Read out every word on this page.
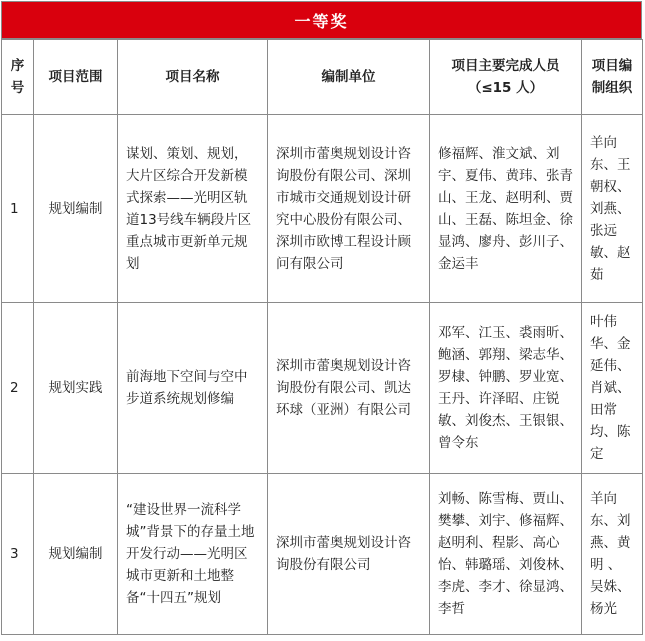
一等奖
序号	项目范围	项目名称	编制单位	项目主要完成人员（≤15 人）	项目编制组织
1	规划编制	谋划、策划、规划，大片区综合开发新模式探索——光明区轨道13号线车辆段片区重点城市更新单元规划	深圳市蕾奥规划设计咨询股份有限公司、深圳市城市交通规划设计研究中心股份有限公司、深圳市欧博工程设计顾问有限公司	修福辉、淮文斌、刘宇、夏伟、黄玮、张青山、王龙、赵明利、贾山、王磊、陈坦金、徐显鸿、廖舟、彭川子、金运丰	羊向东、王朝权、刘燕、张远敏、赵茹
2	规划实践	前海地下空间与空中步道系统规划修编	深圳市蕾奥规划设计咨询股份有限公司、凯达环球（亚洲）有限公司	邓军、江玉、裘雨昕、鲍涵、郭翔、梁志华、罗棣、钟鹏、罗业宽、王丹、许泽昭、庄锐敏、刘俊杰、王银银、曾令东	叶伟华、金延伟、肖斌、田常均、陈定
3	规划编制	“建设世界一流科学城”背景下的存量土地开发行动——光明区城市更新和土地整备“十四五”规划	深圳市蕾奥规划设计咨询股份有限公司	刘畅、陈雪梅、贾山、樊攀、刘宇、修福辉、赵明利、程影、高心怡、韩璐瑶、刘俊林、李虎、李才、徐显鸿、李哲	羊向东、刘燕、黄明 、 吴姝、杨光
